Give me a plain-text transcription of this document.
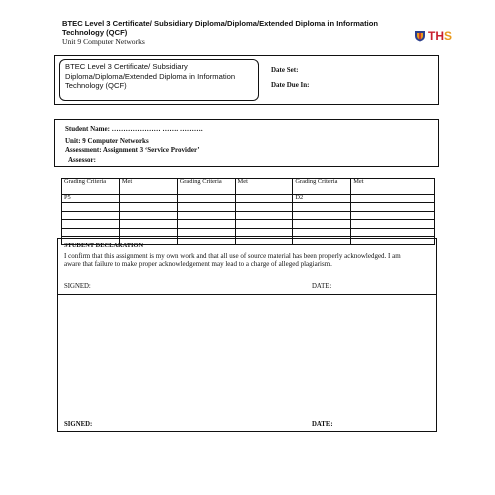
BTEC Level 3 Certificate/ Subsidiary Diploma/Diploma/Extended Diploma in Information Technology (QCF)
Unit 9 Computer Networks	THS
BTEC Level 3 Certificate/ Subsidiary Diploma/Diploma/Extended Diploma in Information Technology (QCF)
Date Set:
Date Due In:
Student Name: ………………… ……. ……….
Unit: 9 Computer Networks
Assessment: Assignment 3 ‘Service Provider’
Assessor:
Grading Criteria	Met	Grading Criteria	Met	Grading Criteria	Met
P5				D2	

STUDENT DECLARATION
I confirm that this assignment is my own work and that all use of source material has been properly acknowledged. I am aware that failure to make proper acknowledgement may lead to a charge of alleged plagiarism.
SIGNED:	DATE:
SIGNED:	DATE:
